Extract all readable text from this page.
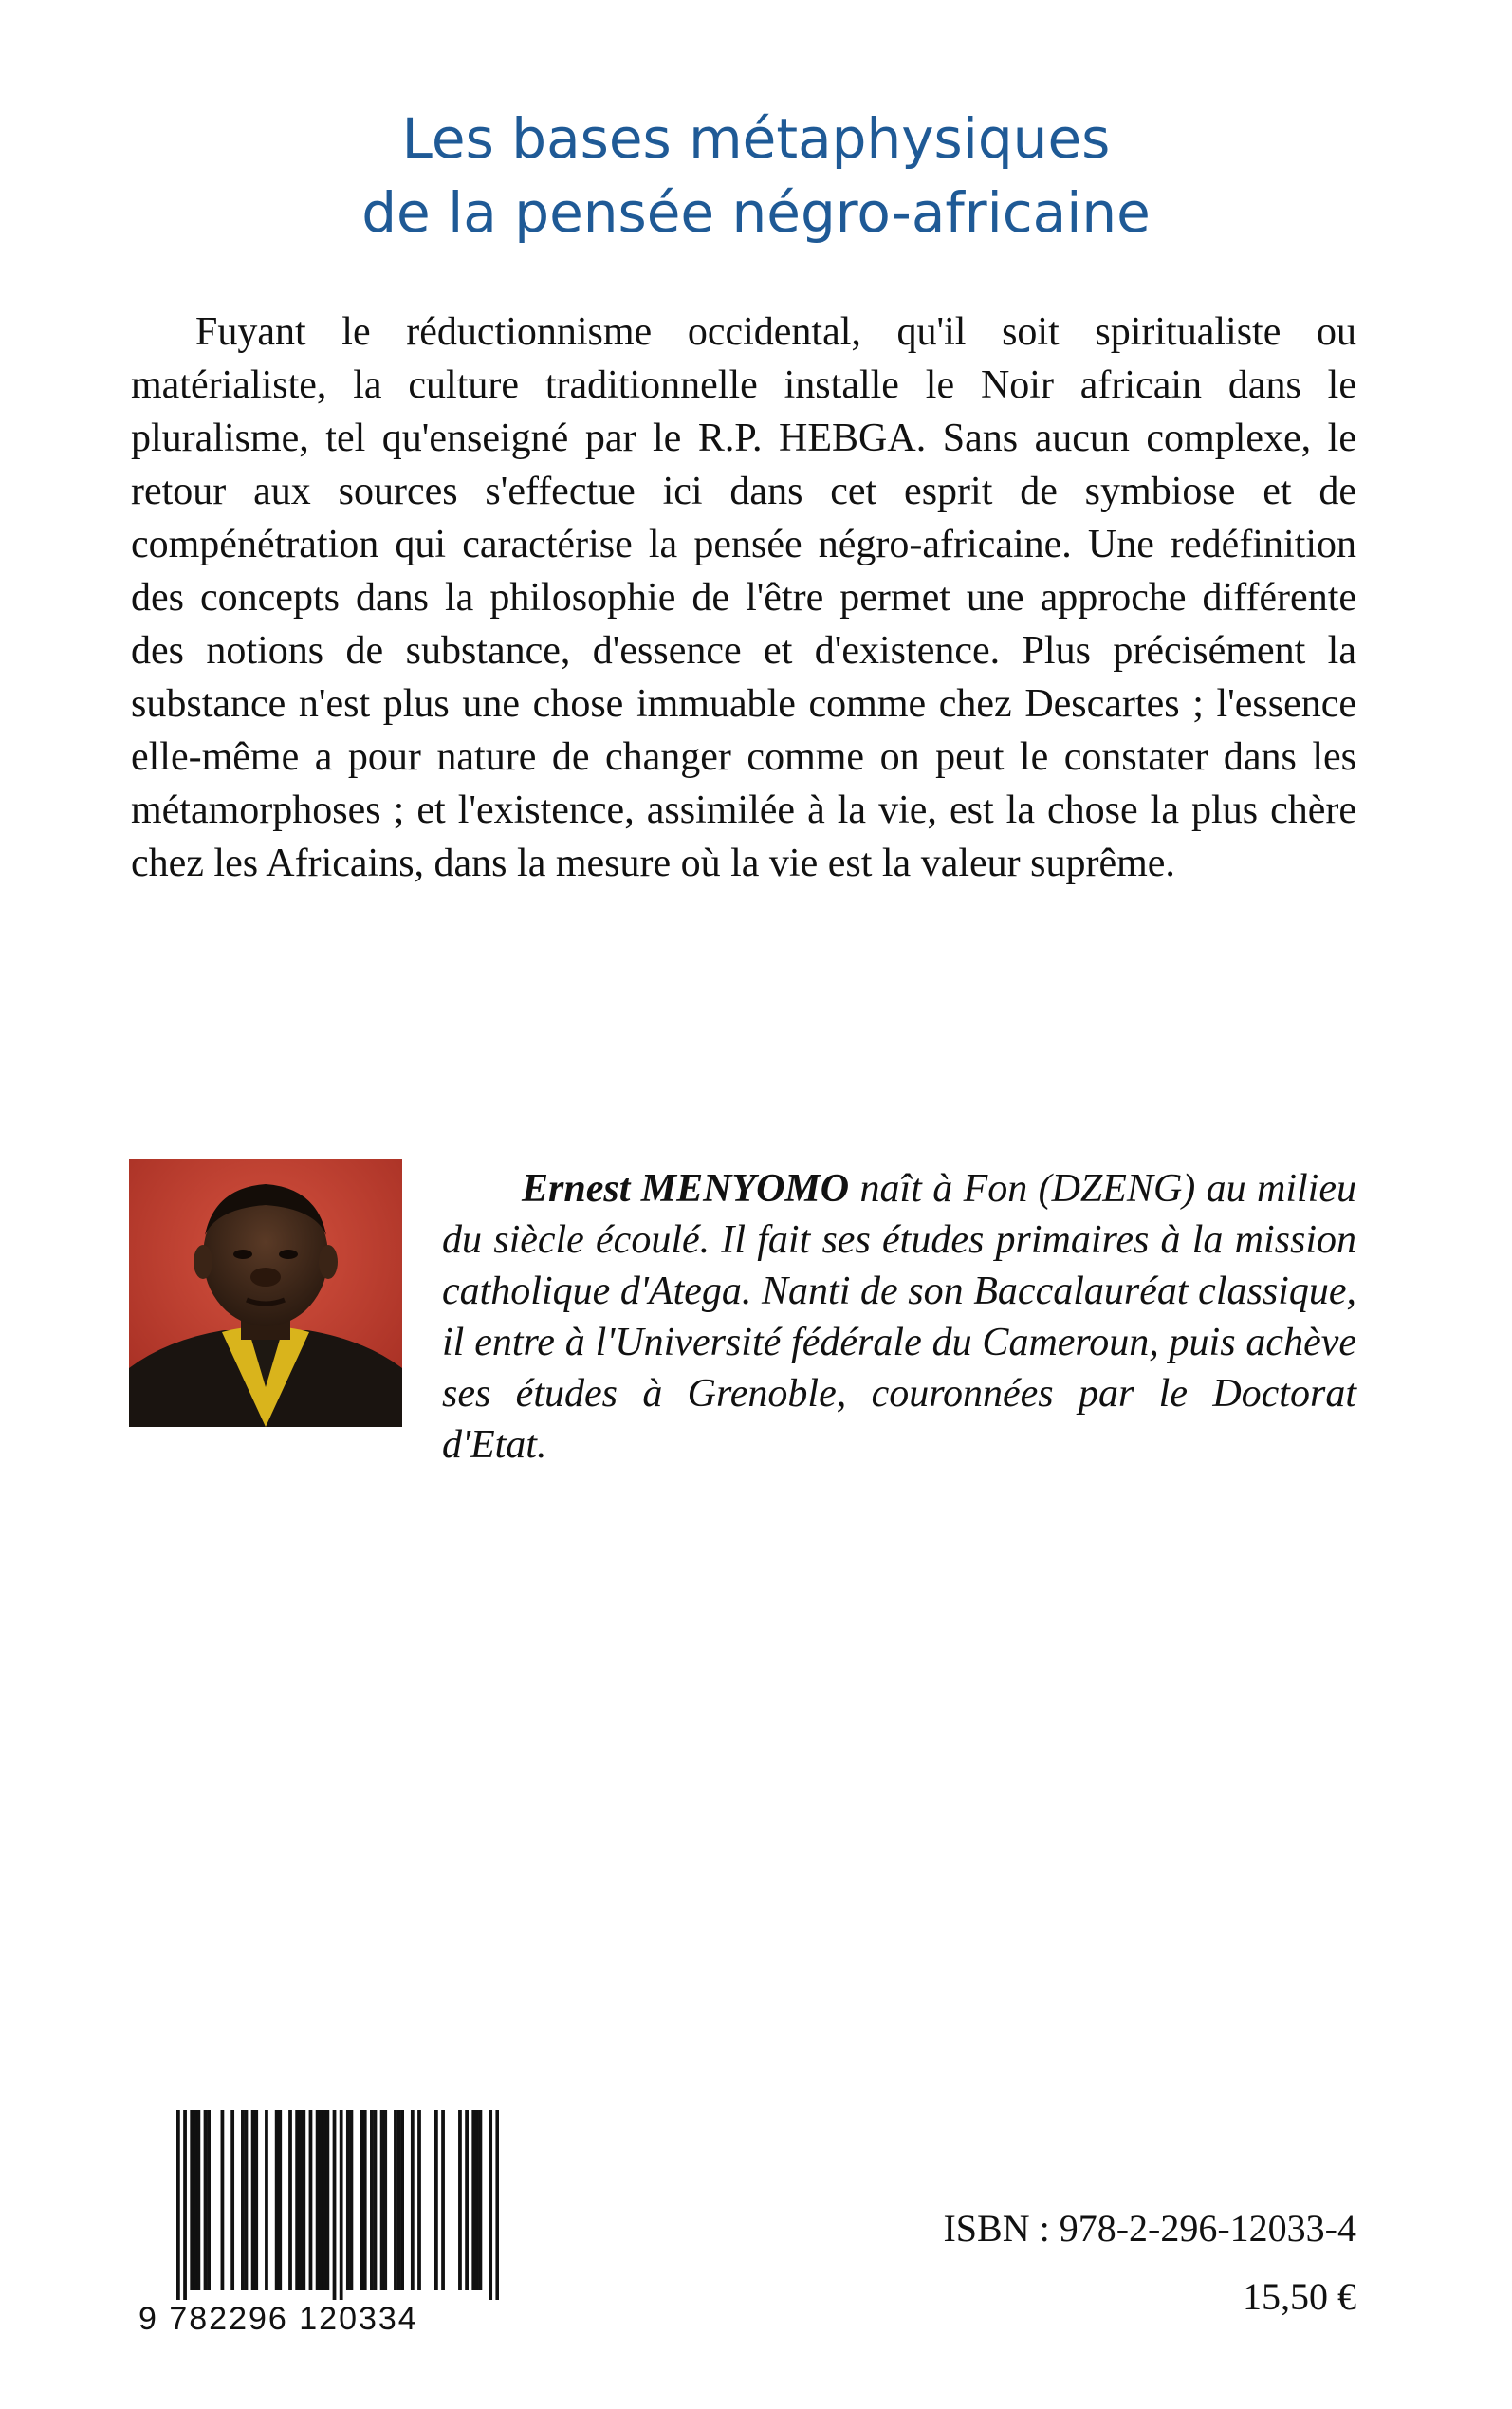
Les bases métaphysiques
de la pensée négro-africaine

Fuyant le réductionnisme occidental, qu'il soit spiritualiste ou matérialiste, la culture traditionnelle installe le Noir africain dans le pluralisme, tel qu'enseigné par le R.P. HEBGA. Sans aucun complexe, le retour aux sources s'effectue ici dans cet esprit de symbiose et de compénétration qui caractérise la pensée négro-africaine. Une redéfinition des concepts dans la philosophie de l'être permet une approche différente des notions de substance, d'essence et d'existence. Plus précisément la substance n'est plus une chose immuable comme chez Descartes ; l'essence elle-même a pour nature de changer comme on peut le constater dans les métamorphoses ; et l'existence, assimilée à la vie, est la chose la plus chère chez les Africains, dans la mesure où la vie est la valeur suprême.

Ernest MENYOMO naît à Fon (DZENG) au milieu du siècle écoulé. Il fait ses études primaires à la mission catholique d'Atega. Nanti de son Baccalauréat classique, il entre à l'Université fédérale du Cameroun, puis achève ses études à Grenoble, couronnées par le Doctorat d'Etat.

9 782296 120334
ISBN : 978-2-296-12033-4
15,50 €
